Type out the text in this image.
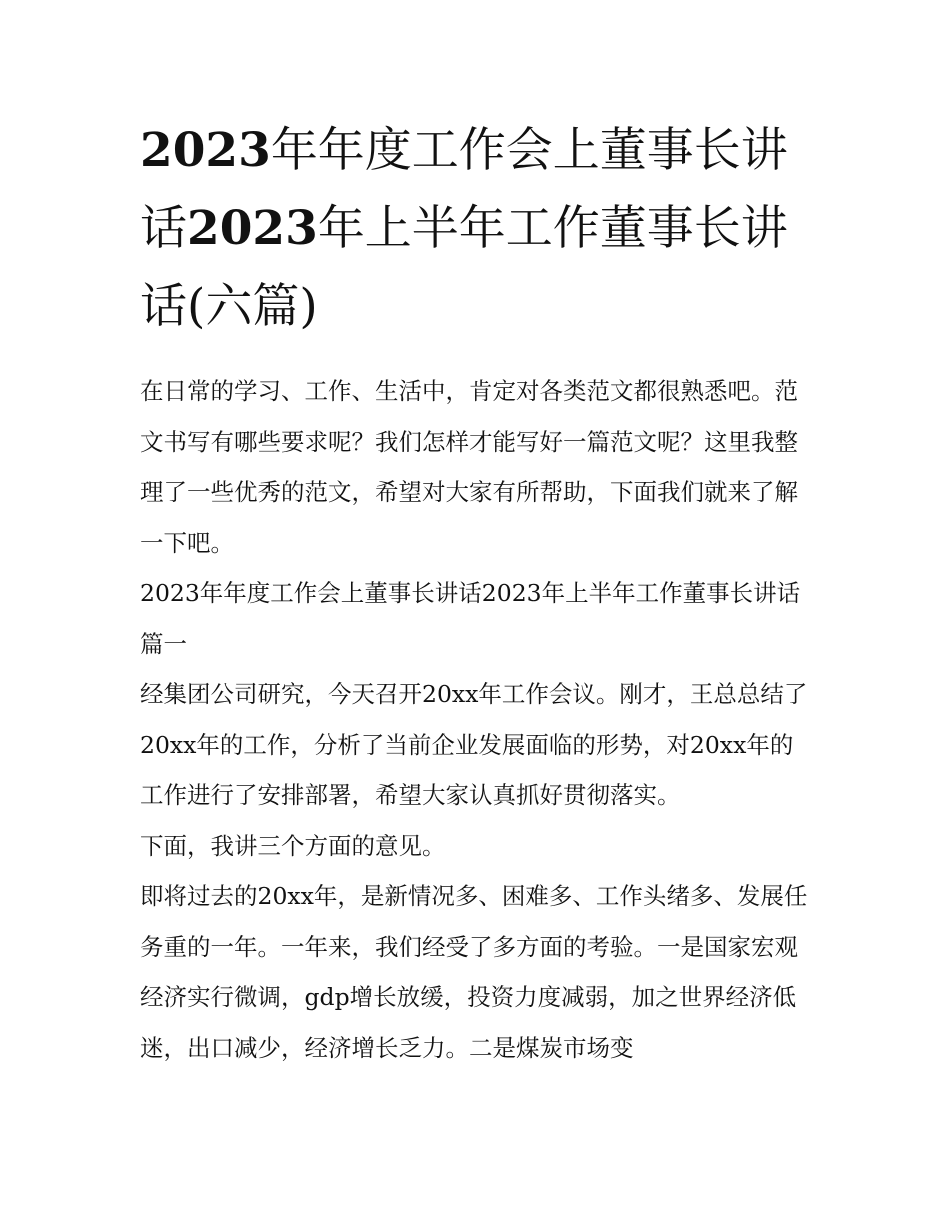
2023年年度工作会上董事长讲话2023年上半年工作董事长讲话(六篇)

在日常的学习、工作、生活中，肯定对各类范文都很熟悉吧。范文书写有哪些要求呢？我们怎样才能写好一篇范文呢？这里我整理了一些优秀的范文，希望对大家有所帮助，下面我们就来了解一下吧。

2023年年度工作会上董事长讲话2023年上半年工作董事长讲话篇一

经集团公司研究，今天召开20xx年工作会议。刚才，王总总结了20xx年的工作，分析了当前企业发展面临的形势，对20xx年的工作进行了安排部署，希望大家认真抓好贯彻落实。

下面，我讲三个方面的意见。

即将过去的20xx年，是新情况多、困难多、工作头绪多、发展任务重的一年。一年来，我们经受了多方面的考验。一是国家宏观经济实行微调，gdp增长放缓，投资力度减弱，加之世界经济低迷，出口减少，经济增长乏力。二是煤炭市场变
